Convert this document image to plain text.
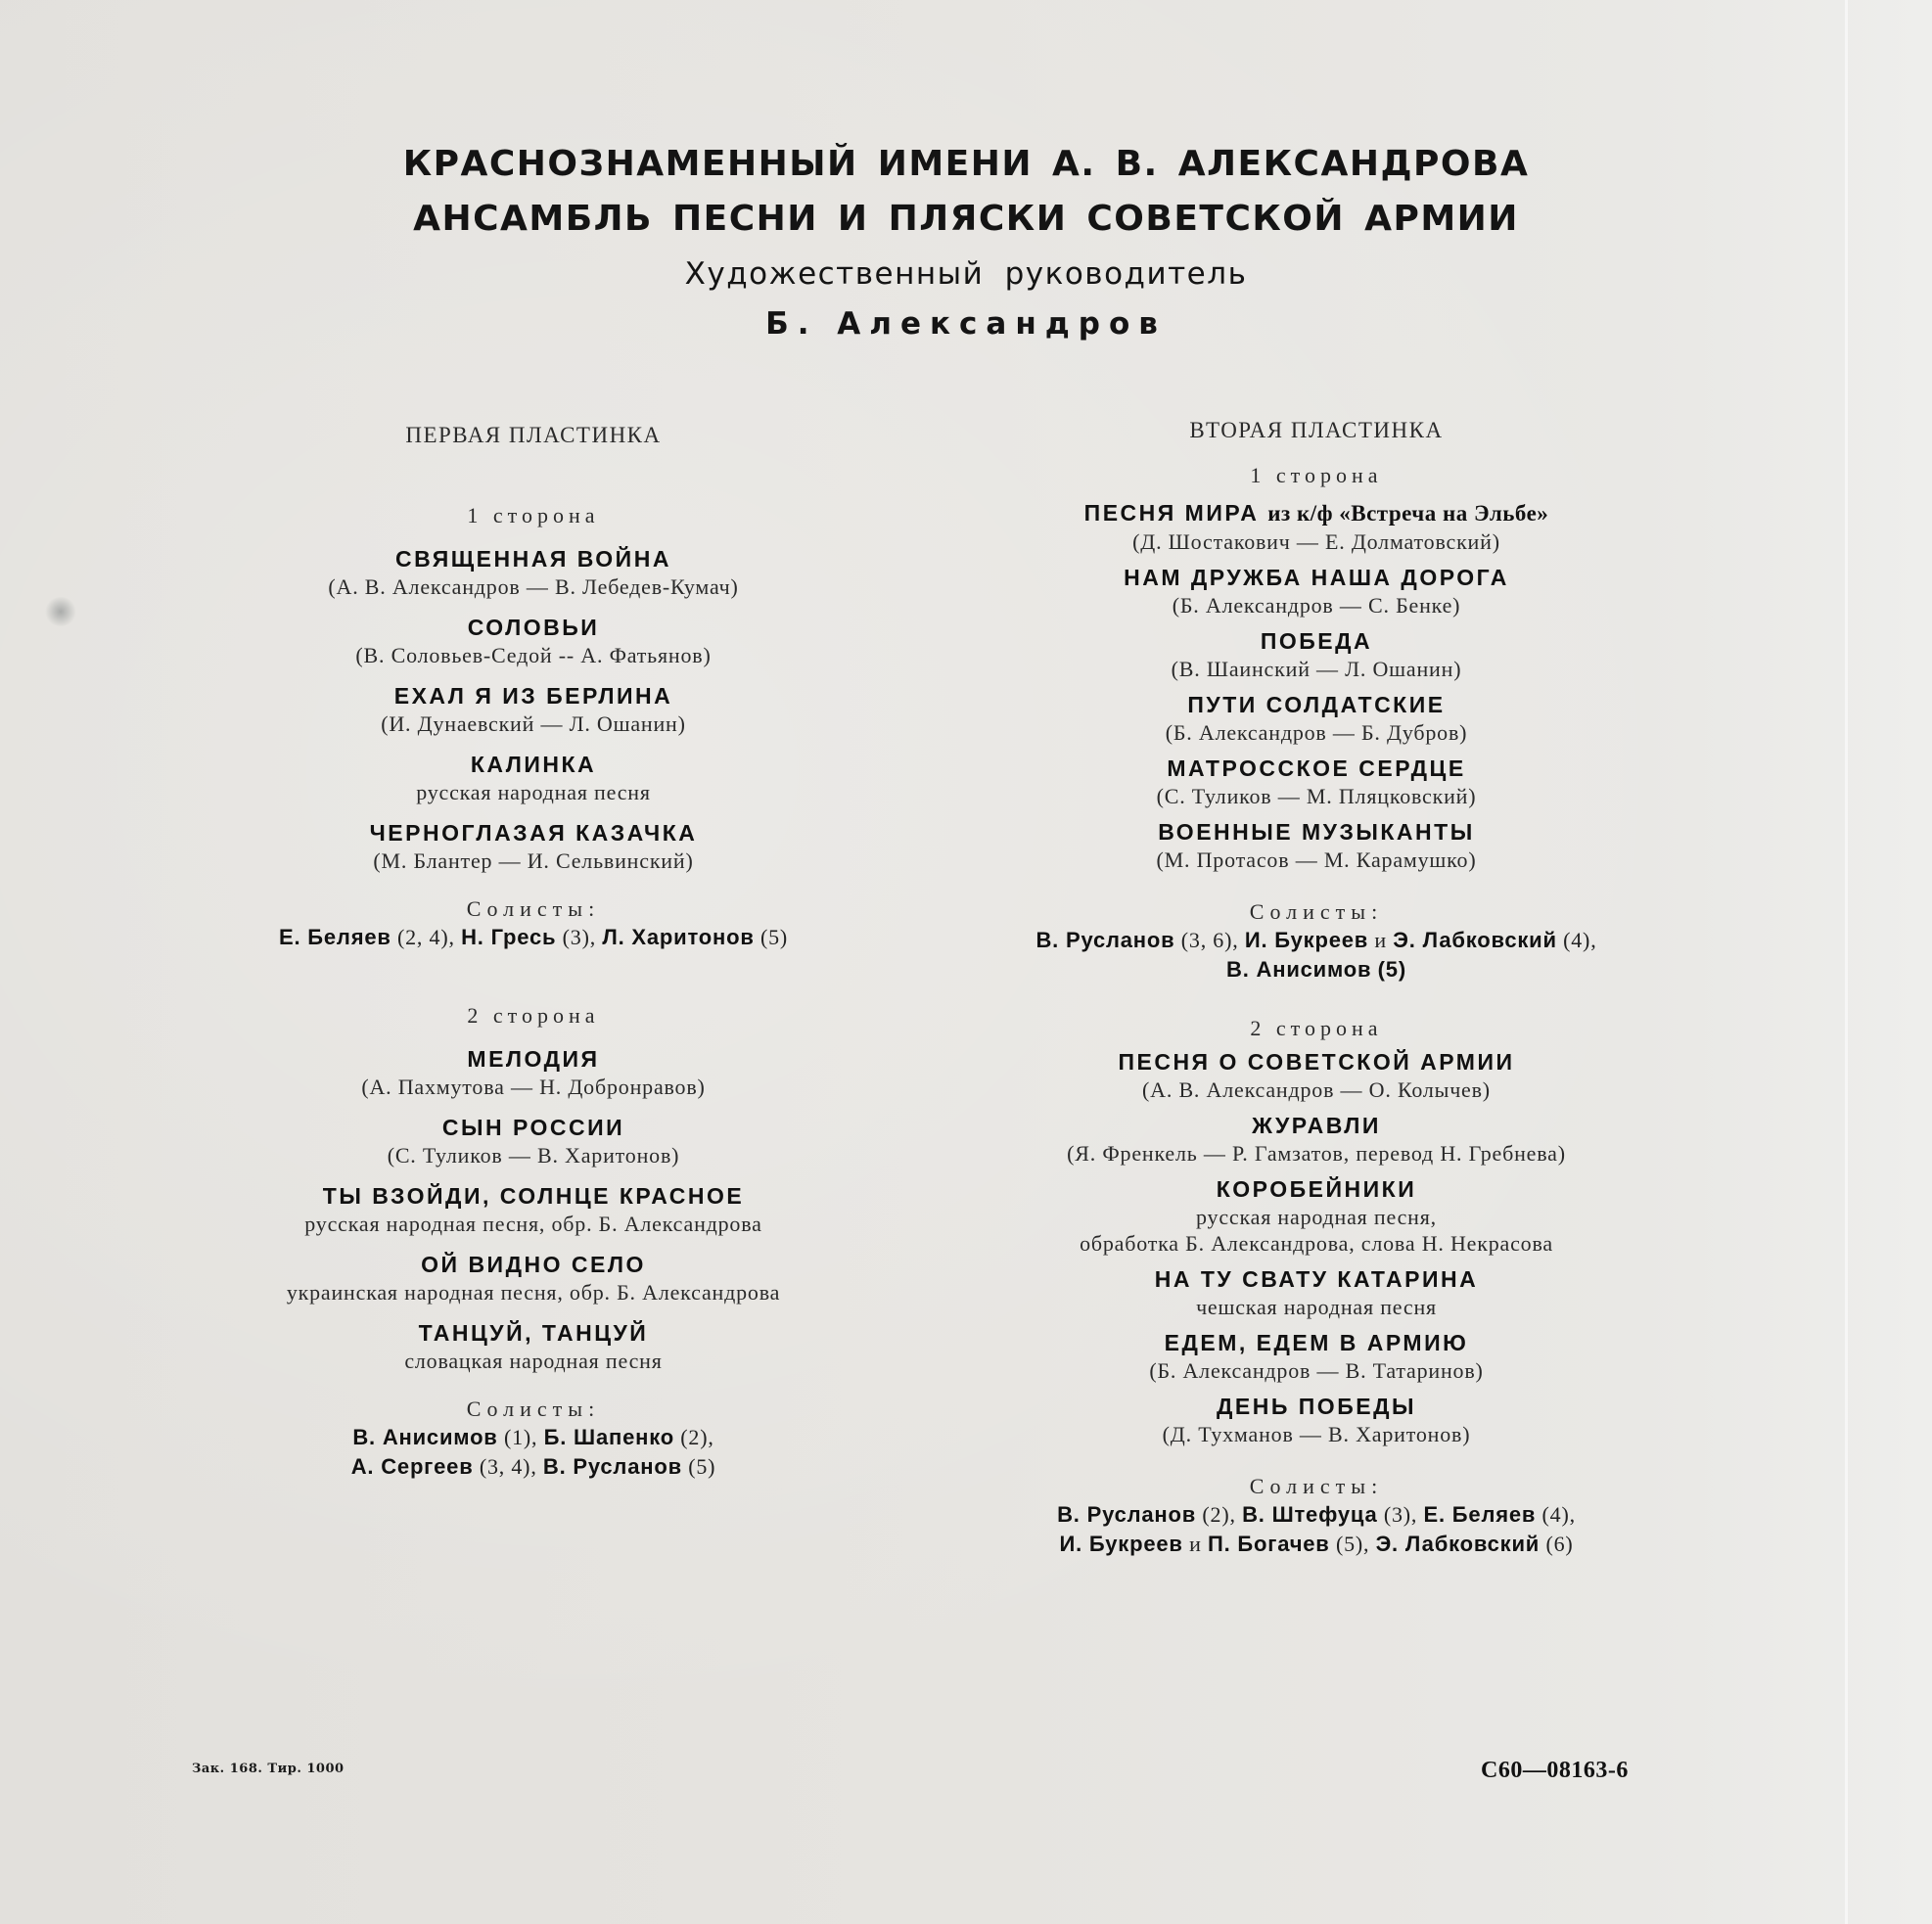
КРАСНОЗНАМЕННЫЙ ИМЕНИ А. В. АЛЕКСАНДРОВА
АНСАМБЛЬ ПЕСНИ И ПЛЯСКИ СОВЕТСКОЙ АРМИИ
Художественный руководитель
Б. Александров
ПЕРВАЯ ПЛАСТИНКА
1 сторона
СВЯЩЕННАЯ ВОЙНА
(А. В. Александров — В. Лебедев-Кумач)
СОЛОВЬИ
(В. Соловьев-Седой -- А. Фатьянов)
ЕХАЛ Я ИЗ БЕРЛИНА
(И. Дунаевский — Л. Ошанин)
КАЛИНКА
русская народная песня
ЧЕРНОГЛАЗАЯ КАЗАЧКА
(М. Блантер — И. Сельвинский)
Солисты:
Е. Беляев (2, 4), Н. Гресь (3), Л. Харитонов (5)
2 сторона
МЕЛОДИЯ
(А. Пахмутова — Н. Добронравов)
СЫН РОССИИ
(С. Туликов — В. Харитонов)
ТЫ ВЗОЙДИ, СОЛНЦЕ КРАСНОЕ
русская народная песня, обр. Б. Александрова
ОЙ ВИДНО СЕЛО
украинская народная песня, обр. Б. Александрова
ТАНЦУЙ, ТАНЦУЙ
словацкая народная песня
Солисты:
В. Анисимов (1), Б. Шапенко (2),
А. Сергеев (3, 4), В. Русланов (5)
ВТОРАЯ ПЛАСТИНКА
1 сторона
ПЕСНЯ МИРА из к/ф «Встреча на Эльбе»
(Д. Шостакович — Е. Долматовский)
НАМ ДРУЖБА НАША ДОРОГА
(Б. Александров — С. Бенке)
ПОБЕДА
(В. Шаинский — Л. Ошанин)
ПУТИ СОЛДАТСКИЕ
(Б. Александров — Б. Дубров)
МАТРОССКОЕ СЕРДЦЕ
(С. Туликов — М. Пляцковский)
ВОЕННЫЕ МУЗЫКАНТЫ
(М. Протасов — М. Карамушко)
Солисты:
В. Русланов (3, 6), И. Букреев и Э. Лабковский (4),
В. Анисимов (5)
2 сторона
ПЕСНЯ О СОВЕТСКОЙ АРМИИ
(А. В. Александров — О. Колычев)
ЖУРАВЛИ
(Я. Френкель — Р. Гамзатов, перевод Н. Гребнева)
КОРОБЕЙНИКИ
русская народная песня,
обработка Б. Александрова, слова Н. Некрасова
НА ТУ СВАТУ КАТАРИНА
чешская народная песня
ЕДЕМ, ЕДЕМ В АРМИЮ
(Б. Александров — В. Татаринов)
ДЕНЬ ПОБЕДЫ
(Д. Тухманов — В. Харитонов)
Солисты:
В. Русланов (2), В. Штефуца (3), Е. Беляев (4),
И. Букреев и П. Богачев (5), Э. Лабковский (6)
Зак. 168. Тир. 1000	С60—08163-6
